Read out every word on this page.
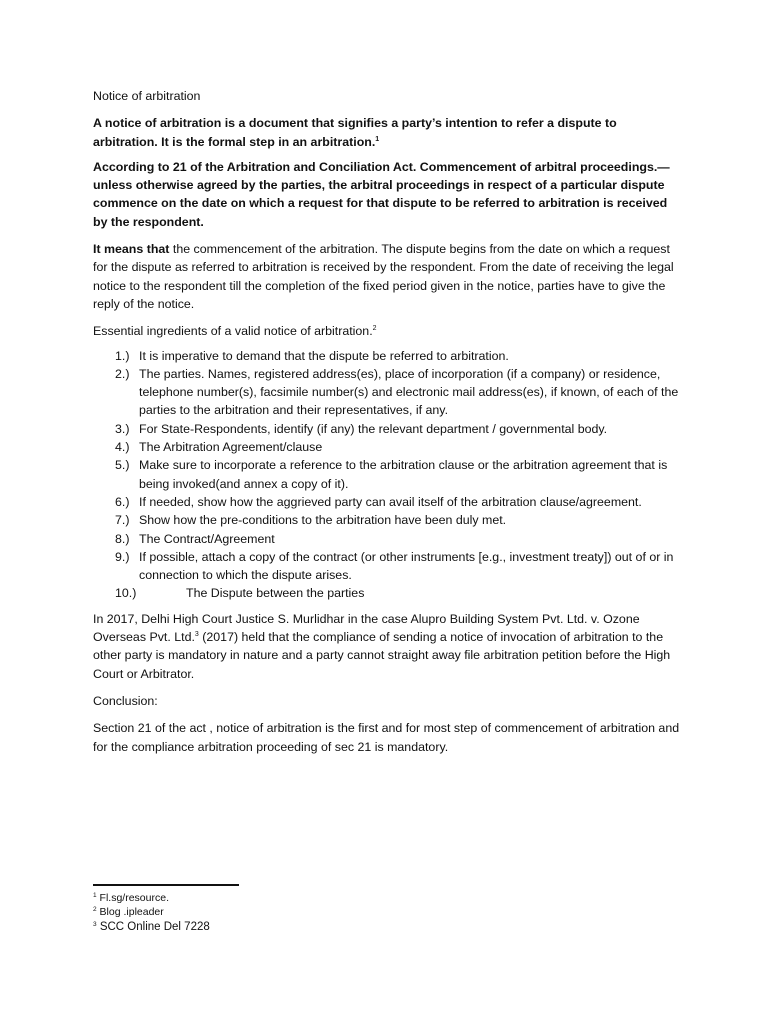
Notice of arbitration

A notice of arbitration is a document that signifies a party’s intention to refer a dispute to arbitration. It is the formal step in an arbitration.$^1$

According to 21 of the Arbitration and Conciliation Act. Commencement of arbitral proceedings.— unless otherwise agreed by the parties, the arbitral proceedings in respect of a particular dispute commence on the date on which a request for that dispute to be referred to arbitration is received by the respondent.

It means that the commencement of the arbitration. The dispute begins from the date on which a request for the dispute as referred to arbitration is received by the respondent. From the date of receiving the legal notice to the respondent till the completion of the fixed period given in the notice, parties have to give the reply of the notice.

Essential ingredients of a valid notice of arbitration.$^2$

1.) It is imperative to demand that the dispute be referred to arbitration.
2.) The parties. Names, registered address(es), place of incorporation (if a company) or residence, telephone number(s), facsimile number(s) and electronic mail address(es), if known, of each of the parties to the arbitration and their representatives, if any.
3.) For State-Respondents, identify (if any) the relevant department / governmental body.
4.) The Arbitration Agreement/clause
5.) Make sure to incorporate a reference to the arbitration clause or the arbitration agreement that is being invoked(and annex a copy of it).
6.) If needed, show how the aggrieved party can avail itself of the arbitration clause/agreement.
7.) Show how the pre-conditions to the arbitration have been duly met.
8.) The Contract/Agreement
9.) If possible, attach a copy of the contract (or other instruments [e.g., investment treaty]) out of or in connection to which the dispute arises.
10.)	The Dispute between the parties

In 2017, Delhi High Court Justice S. Murlidhar in the case Alupro Building System Pvt. Ltd. v. Ozone Overseas Pvt. Ltd.$^3$ (2017) held that the compliance of sending a notice of invocation of arbitration to the other party is mandatory in nature and a party cannot straight away file arbitration petition before the High Court or Arbitrator.

Conclusion:

Section 21 of the act , notice of arbitration is the first and for most step of commencement of arbitration and for the compliance arbitration proceeding of sec 21 is mandatory.

$^1$ Fl.sg/resource.
$^2$ Blog .ipleader
$^3$ SCC Online Del 7228
